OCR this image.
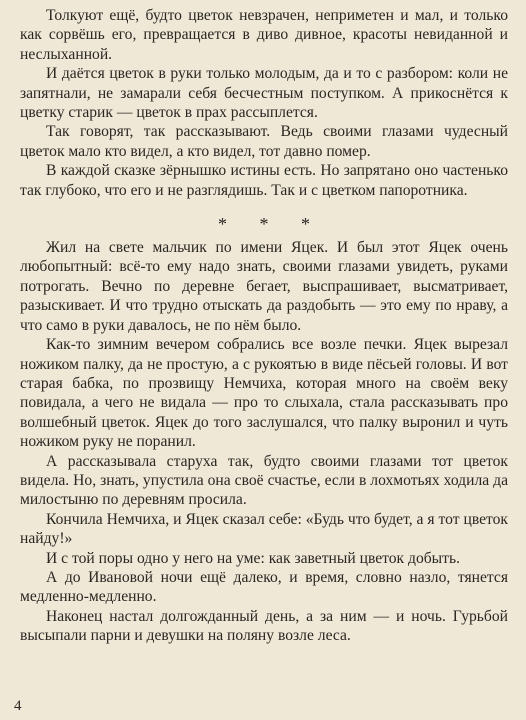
Толкуют ещё, будто цветок невзрачен, неприметен и мал, и только как сорвёшь его, превращается в диво дивное, красоты невиданной и неслыханной.

И даётся цветок в руки только молодым, да и то с разбором: коли не запятнали, не замарали себя бесчестным поступком. А прикоснётся к цветку старик — цветок в прах рассыплется.

Так говорят, так рассказывают. Ведь своими глазами чудесный цветок мало кто видел, а кто видел, тот давно помер.

В каждой сказке зёрнышко истины есть. Но запрятано оно частенько так глубоко, что его и не разглядишь. Так и с цветком папоротника.

* * *

Жил на свете мальчик по имени Яцек. И был этот Яцек очень любопытный: всё-то ему надо знать, своими глазами увидеть, руками потрогать. Вечно по деревне бегает, выспрашивает, высматривает, разыскивает. И что трудно отыскать да раздобыть — это ему по нраву, а что само в руки давалось, не по нём было.

Как-то зимним вечером собрались все возле печки. Яцек вырезал ножиком палку, да не простую, а с рукоятью в виде пёсьей головы. И вот старая бабка, по прозвищу Немчиха, которая много на своём веку повидала, а чего не видала — про то слыхала, стала рассказывать про волшебный цветок. Яцек до того заслушался, что палку выронил и чуть ножиком руку не поранил.

А рассказывала старуха так, будто своими глазами тот цветок видела. Но, знать, упустила она своё счастье, если в лохмотьях ходила да милостыню по деревням просила.

Кончила Немчиха, и Яцек сказал себе: «Будь что будет, а я тот цветок найду!»

И с той поры одно у него на уме: как заветный цветок добыть.

А до Ивановой ночи ещё далеко, и время, словно назло, тянется медленно-медленно.

Наконец настал долгожданный день, а за ним — и ночь. Гурьбой высыпали парни и девушки на поляну возле леса.

4
